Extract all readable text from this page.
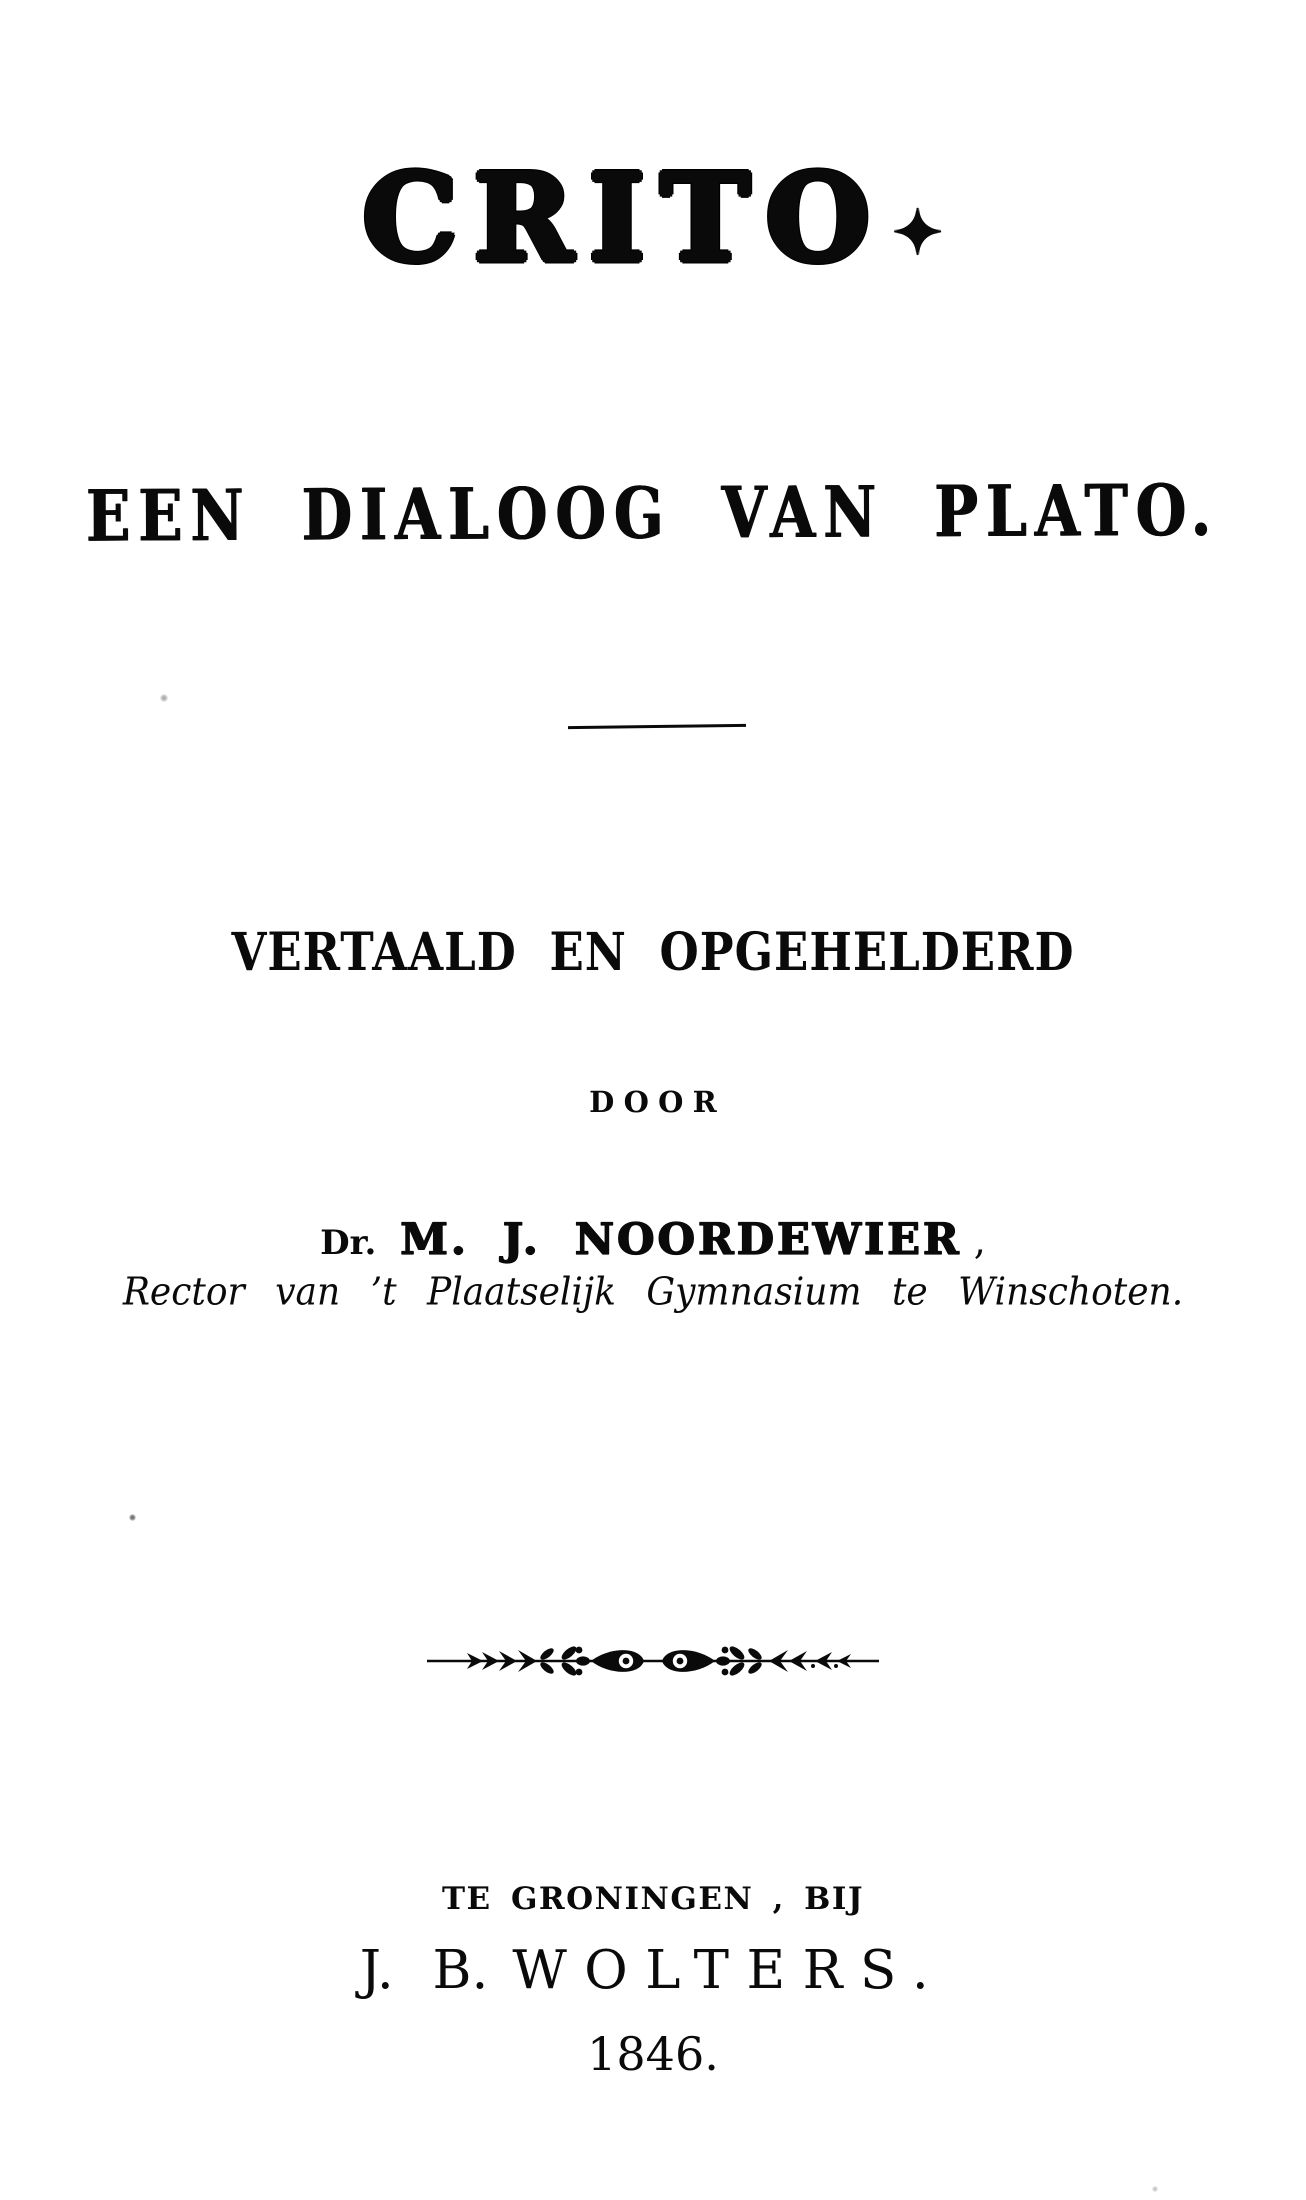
CRITO✦
EEN DIALOOG VAN PLATO.
VERTAALD EN OPGEHELDERD
DOOR
Dr. M. J. NOORDEWIER ,
Rector van ’t Plaatselijk Gymnasium te Winschoten.
TE GRONINGEN , BIJ
J. B. WOLTERS.
1846.
